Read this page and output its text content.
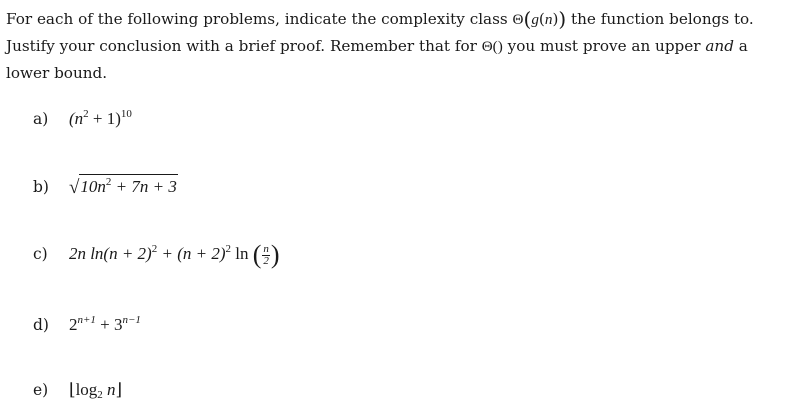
For each of the following problems, indicate the complexity class Θ(g(n)) the function belongs to. Justify your conclusion with a brief proof. Remember that for Θ() you must prove an upper and a lower bound.

a) $(n^2 + 1)^{10}$
b) $√10n^2 + 7n + 3$
c) 2n $\ln(n + 2)^2 + (n + 2)^2$ ln ( $\frac{n}{2}$ )
d) $2^{n+1} + 3^{n-1}$
e) $⌊\log_2$ n⌋
